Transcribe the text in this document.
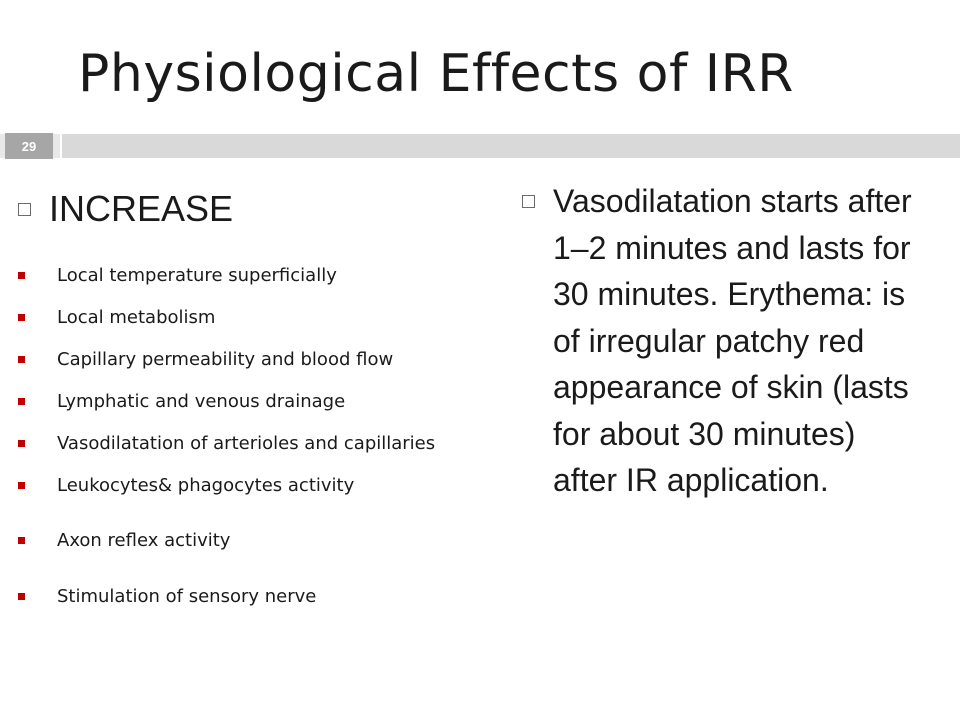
Physiological Effects of IRR
29
INCREASE
Local temperature superficially
Local metabolism
Capillary permeability and blood flow
Lymphatic and venous drainage
Vasodilatation of arterioles and capillaries
Leukocytes& phagocytes activity
Axon reflex activity
Stimulation of sensory nerve
Vasodilatation starts after 1–2 minutes and lasts for 30 minutes. Erythema: is of irregular patchy red appearance of skin (lasts for about 30 minutes) after IR application.
